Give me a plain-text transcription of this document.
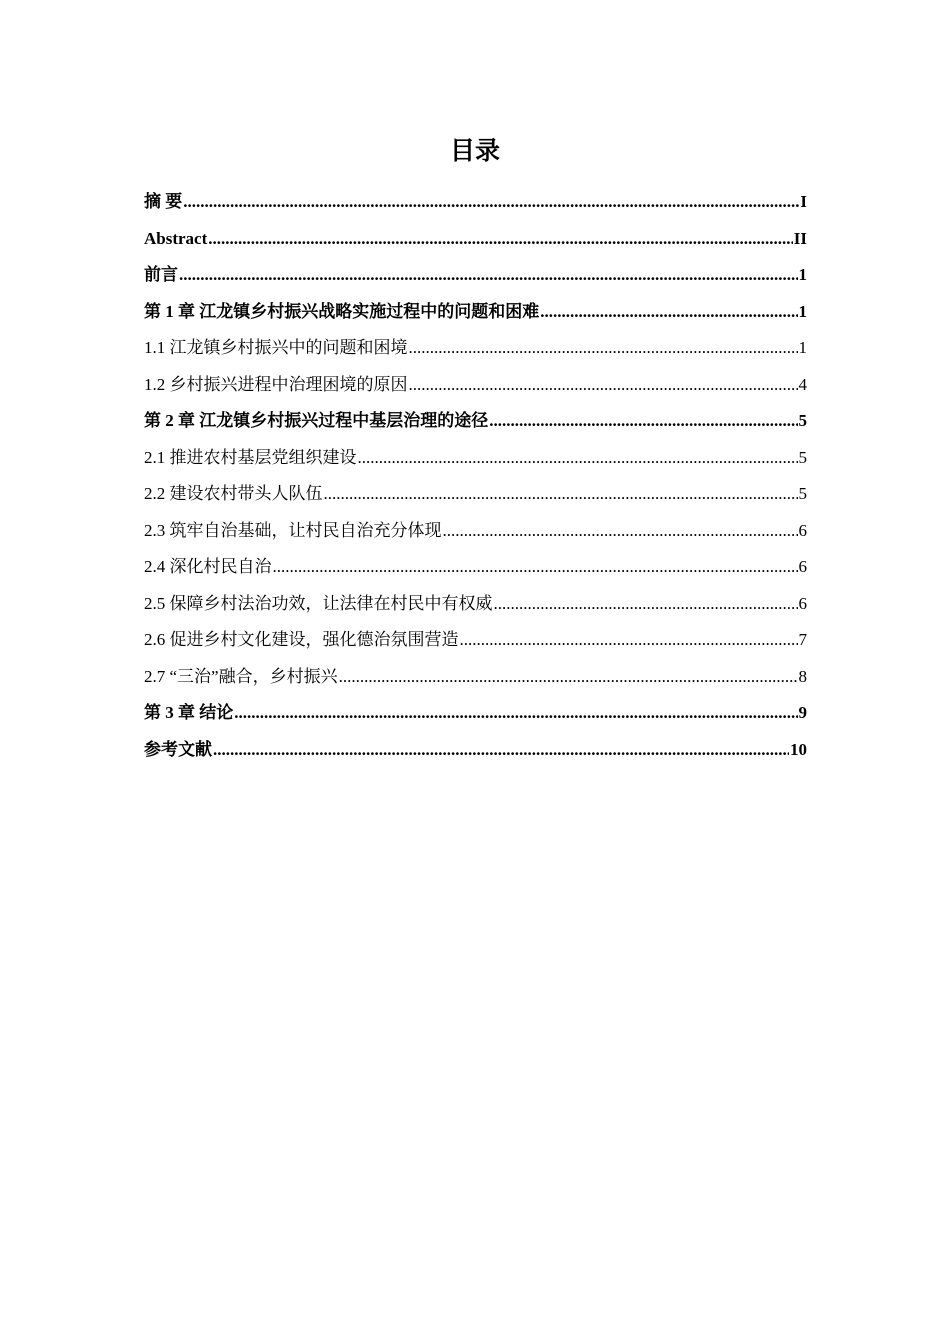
目录
摘 要 .....	I
Abstract .....	II
前言 .....	1
第 1 章 江龙镇乡村振兴战略实施过程中的问题和困难 .....	1
1.1 江龙镇乡村振兴中的问题和困境 .....	1
1.2 乡村振兴进程中治理困境的原因 .....	4
第 2 章 江龙镇乡村振兴过程中基层治理的途径 .....	5
2.1 推进农村基层党组织建设 .....	5
2.2 建设农村带头人队伍 .....	5
2.3 筑牢自治基础，让村民自治充分体现 .....	6
2.4 深化村民自治 .....	6
2.5 保障乡村法治功效，让法律在村民中有权威 .....	6
2.6 促进乡村文化建设，强化德治氛围营造 .....	7
2.7 “三治”融合，乡村振兴 .....	8
第 3 章 结论 .....	9
参考文献 .....	10
